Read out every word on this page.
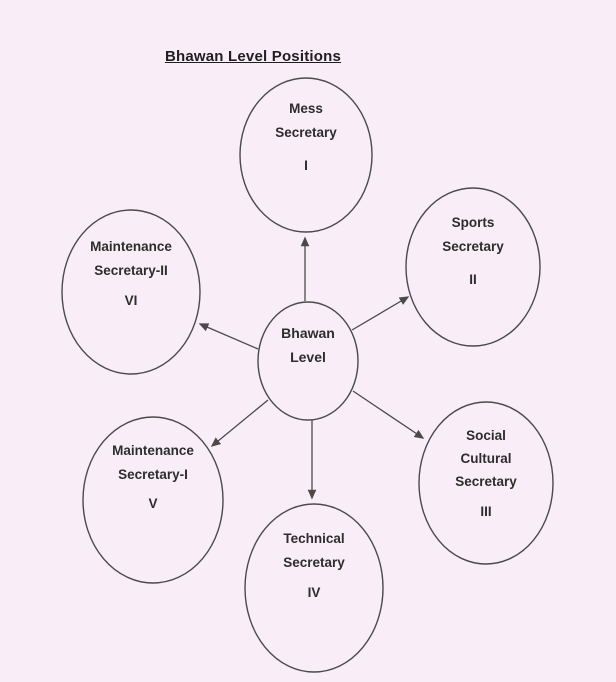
Bhawan Level Positions
Mess
Secretary
I
Sports
Secretary
II
Maintenance
Secretary-II
VI
Bhawan
Level
Maintenance
Secretary-I
V
Social
Cultural
Secretary
III
Technical
Secretary
IV
